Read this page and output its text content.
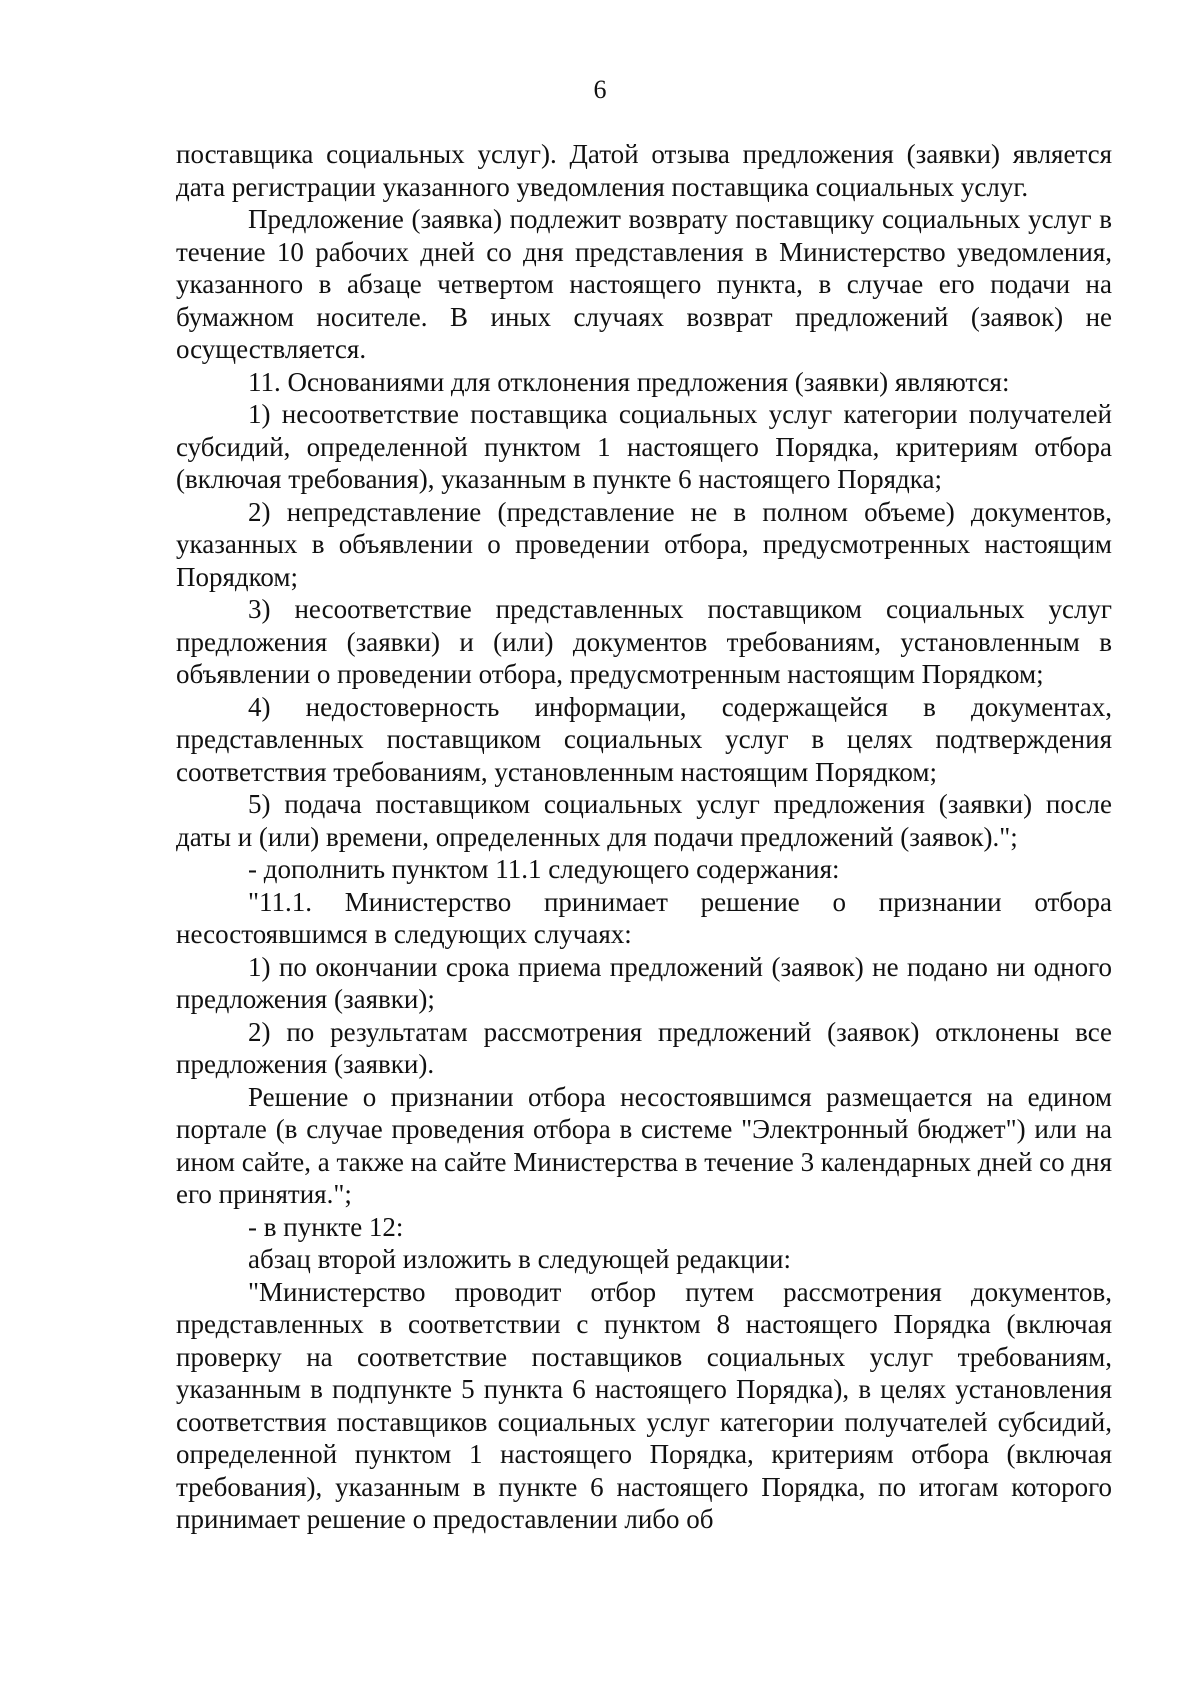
6

поставщика социальных услуг). Датой отзыва предложения (заявки) является дата регистрации указанного уведомления поставщика социальных услуг.

Предложение (заявка) подлежит возврату поставщику социальных услуг в течение 10 рабочих дней со дня представления в Министерство уведомления, указанного в абзаце четвертом настоящего пункта, в случае его подачи на бумажном носителе. В иных случаях возврат предложений (заявок) не осуществляется.

11. Основаниями для отклонения предложения (заявки) являются:

1) несоответствие поставщика социальных услуг категории получателей субсидий, определенной пунктом 1 настоящего Порядка, критериям отбора (включая требования), указанным в пункте 6 настоящего Порядка;

2) непредставление (представление не в полном объеме) документов, указанных в объявлении о проведении отбора, предусмотренных настоящим Порядком;

3) несоответствие представленных поставщиком социальных услуг предложения (заявки) и (или) документов требованиям, установленным в объявлении о проведении отбора, предусмотренным настоящим Порядком;

4) недостоверность информации, содержащейся в документах, представленных поставщиком социальных услуг в целях подтверждения соответствия требованиям, установленным настоящим Порядком;

5) подача поставщиком социальных услуг предложения (заявки) после даты и (или) времени, определенных для подачи предложений (заявок).";

- дополнить пунктом 11.1 следующего содержания:

"11.1. Министерство принимает решение о признании отбора несостоявшимся в следующих случаях:

1) по окончании срока приема предложений (заявок) не подано ни одного предложения (заявки);

2) по результатам рассмотрения предложений (заявок) отклонены все предложения (заявки).

Решение о признании отбора несостоявшимся размещается на едином портале (в случае проведения отбора в системе "Электронный бюджет") или на ином сайте, а также на сайте Министерства в течение 3 календарных дней со дня его принятия.";

- в пункте 12:

абзац второй изложить в следующей редакции:

"Министерство проводит отбор путем рассмотрения документов, представленных в соответствии с пунктом 8 настоящего Порядка (включая проверку на соответствие поставщиков социальных услуг требованиям, указанным в подпункте 5 пункта 6 настоящего Порядка), в целях установления соответствия поставщиков социальных услуг категории получателей субсидий, определенной пунктом 1 настоящего Порядка, критериям отбора (включая требования), указанным в пункте 6 настоящего Порядка, по итогам которого принимает решение о предоставлении либо об
